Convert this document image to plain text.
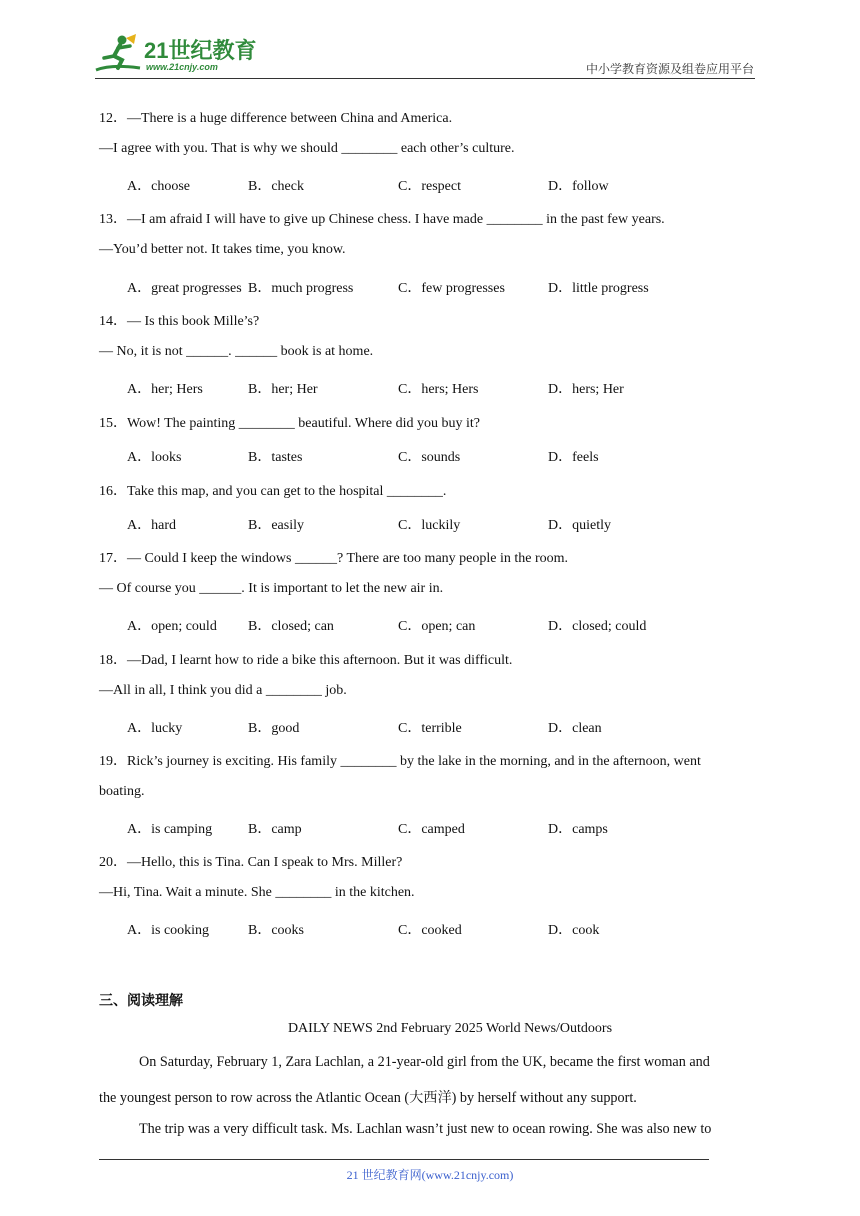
21世纪教育
www.21cnjy.com	中小学教育资源及组卷应用平台
12．—There is a huge difference between China and America.
—I agree with you. That is why we should ________ each other’s culture.
A．choose	B．check	C．respect	D．follow
13．—I am afraid I will have to give up Chinese chess. I have made ________ in the past few years.
—You’d better not. It takes time, you know.
A．great progresses B．much progress	C．few progresses	D．little progress
14．— Is this book Mille’s?
— No, it is not ______. ______ book is at home.
A．her; Hers	B．her; Her	C．hers; Hers	D．hers; Her
15．Wow! The painting ________ beautiful. Where did you buy it?
A．looks	B．tastes	C．sounds	D．feels
16．Take this map, and you can get to the hospital ________.
A．hard	B．easily	C．luckily	D．quietly
17．— Could I keep the windows ______? There are too many people in the room.
— Of course you ______. It is important to let the new air in.
A．open; could B．closed; can	C．open; can	D．closed; could
18．—Dad, I learnt how to ride a bike this afternoon. But it was difficult.
—All in all, I think you did a ________ job.
A．lucky	B．good	C．terrible	D．clean
19．Rick’s journey is exciting. His family ________ by the lake in the morning, and in the afternoon, went
boating.
A．is camping	B．camp	C．camped	D．camps
20．—Hello, this is Tina. Can I speak to Mrs. Miller?
—Hi, Tina. Wait a minute. She ________ in the kitchen.
A．is cooking	B．cooks	C．cooked	D．cook
三、阅读理解
DAILY NEWS 2nd February 2025 World News/Outdoors
On Saturday, February 1, Zara Lachlan, a 21-year-old girl from the UK, became the first woman and
the youngest person to row across the Atlantic Ocean (大西洋) by herself without any support.
The trip was a very difficult task. Ms. Lachlan wasn’t just new to ocean rowing. She was also new to
21 世纪教育网(www.21cnjy.com)
